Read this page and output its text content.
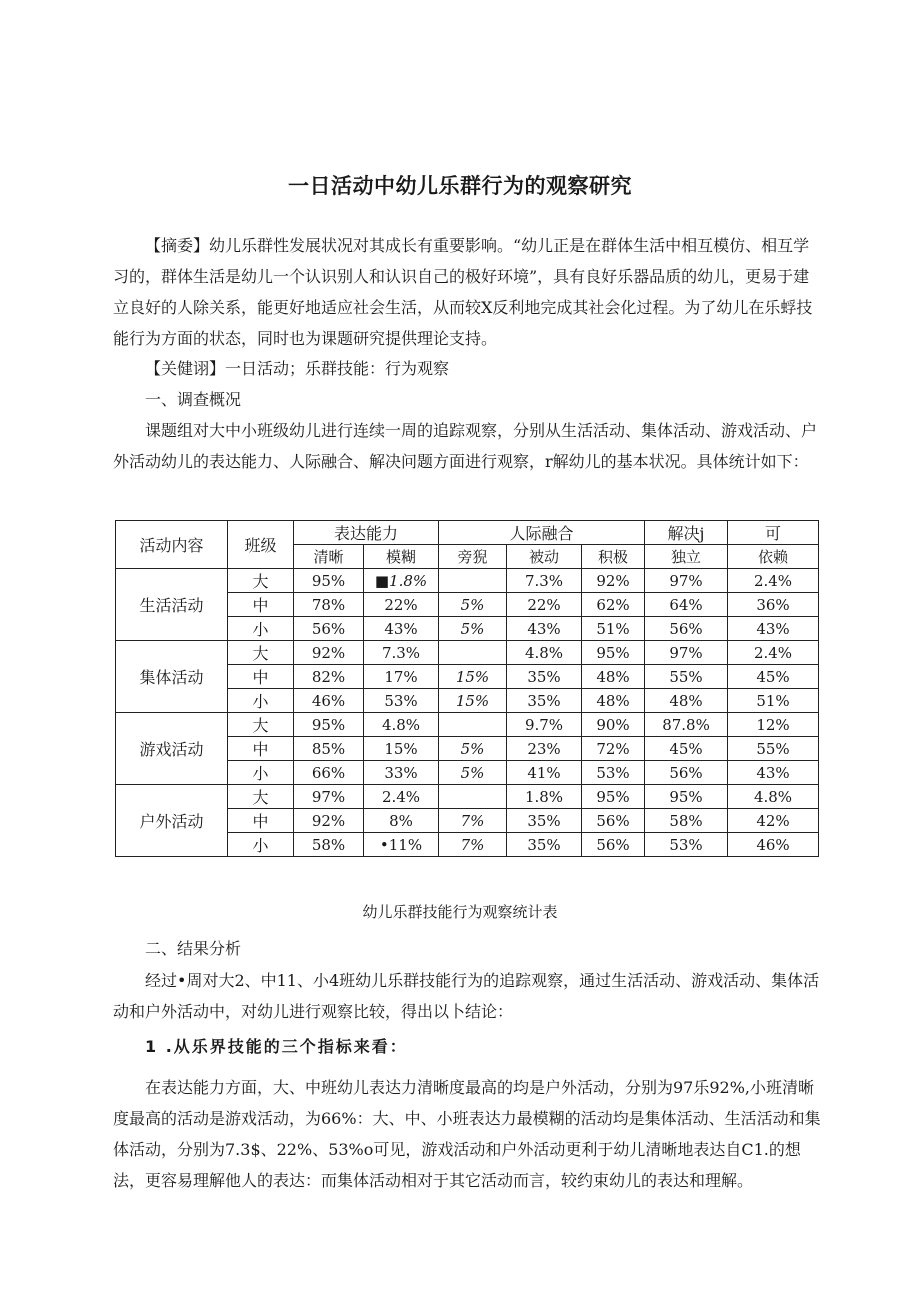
一日活动中幼儿乐群行为的观察研究

【摘委】幼儿乐群性发展状况对其成长有重要影响。“幼儿正是在群体生活中相互模仿、相互学习的，群体生活是幼儿一个认识别人和认识自己的极好环境”，具有良好乐器品质的幼儿，更易于建立良好的人除关系，能更好地适应社会生活，从而较X反利地完成其社会化过程。为了幼儿在乐蜉技能行为方面的状态，同时也为课题研究提供理论支持。

【关健诩】一日活动；乐群技能：行为观察

一、调查概况

课题组对大中小班级幼儿进行连续一周的追踪观察，分别从生活活动、集体活动、游戏活动、户外活动幼儿的表达能力、人际融合、解决问题方面进行观察，r解幼儿的基本状况。具体统计如下：

活动内容	班级	表达能力		人际融合			解决j	可
		清晰	模糊	旁猊	被动	积极	独立	依赖
生活活动	大	95%	■1.8%		7.3%	92%	97%	2.4%
	中	78%	22%	5%	22%	62%	64%	36%
	小	56%	43%	5%	43%	51%	56%	43%
集体活动	大	92%	7.3%		4.8%	95%	97%	2.4%
	中	82%	17%	15%	35%	48%	55%	45%
	小	46%	53%	15%	35%	48%	48%	51%
游戏活动	大	95%	4.8%		9.7%	90%	87.8%	12%
	中	85%	15%	5%	23%	72%	45%	55%
	小	66%	33%	5%	41%	53%	56%	43%
户外活动	大	97%	2.4%		1.8%	95%	95%	4.8%
	中	92%	8%	7%	35%	56%	58%	42%
	小	58%	•11%	7%	35%	56%	53%	46%
幼儿乐群技能行为观察统计表

二、结果分析

经过•周对大2、中11、小4班幼儿乐群技能行为的追踪观察，通过生活活动、游戏活动、集体活动和户外活动中，对幼儿进行观察比较，得出以卜结论：

1 .从乐界技能的三个指标来看：

在表达能力方面，大、中班幼儿表达力清晰度最高的均是户外活动，分别为97乐92%,小班清晰度最高的活动是游戏活动，为66%：大、中、小班表达力最模糊的活动均是集体活动、生活活动和集体活动，分别为7.3$、22%、53%o可见，游戏活动和户外活动更利于幼儿清晰地表达自C1.的想法，更容易理解他人的表达：而集体活动相对于其它活动而言，较约束幼儿的表达和理解。
